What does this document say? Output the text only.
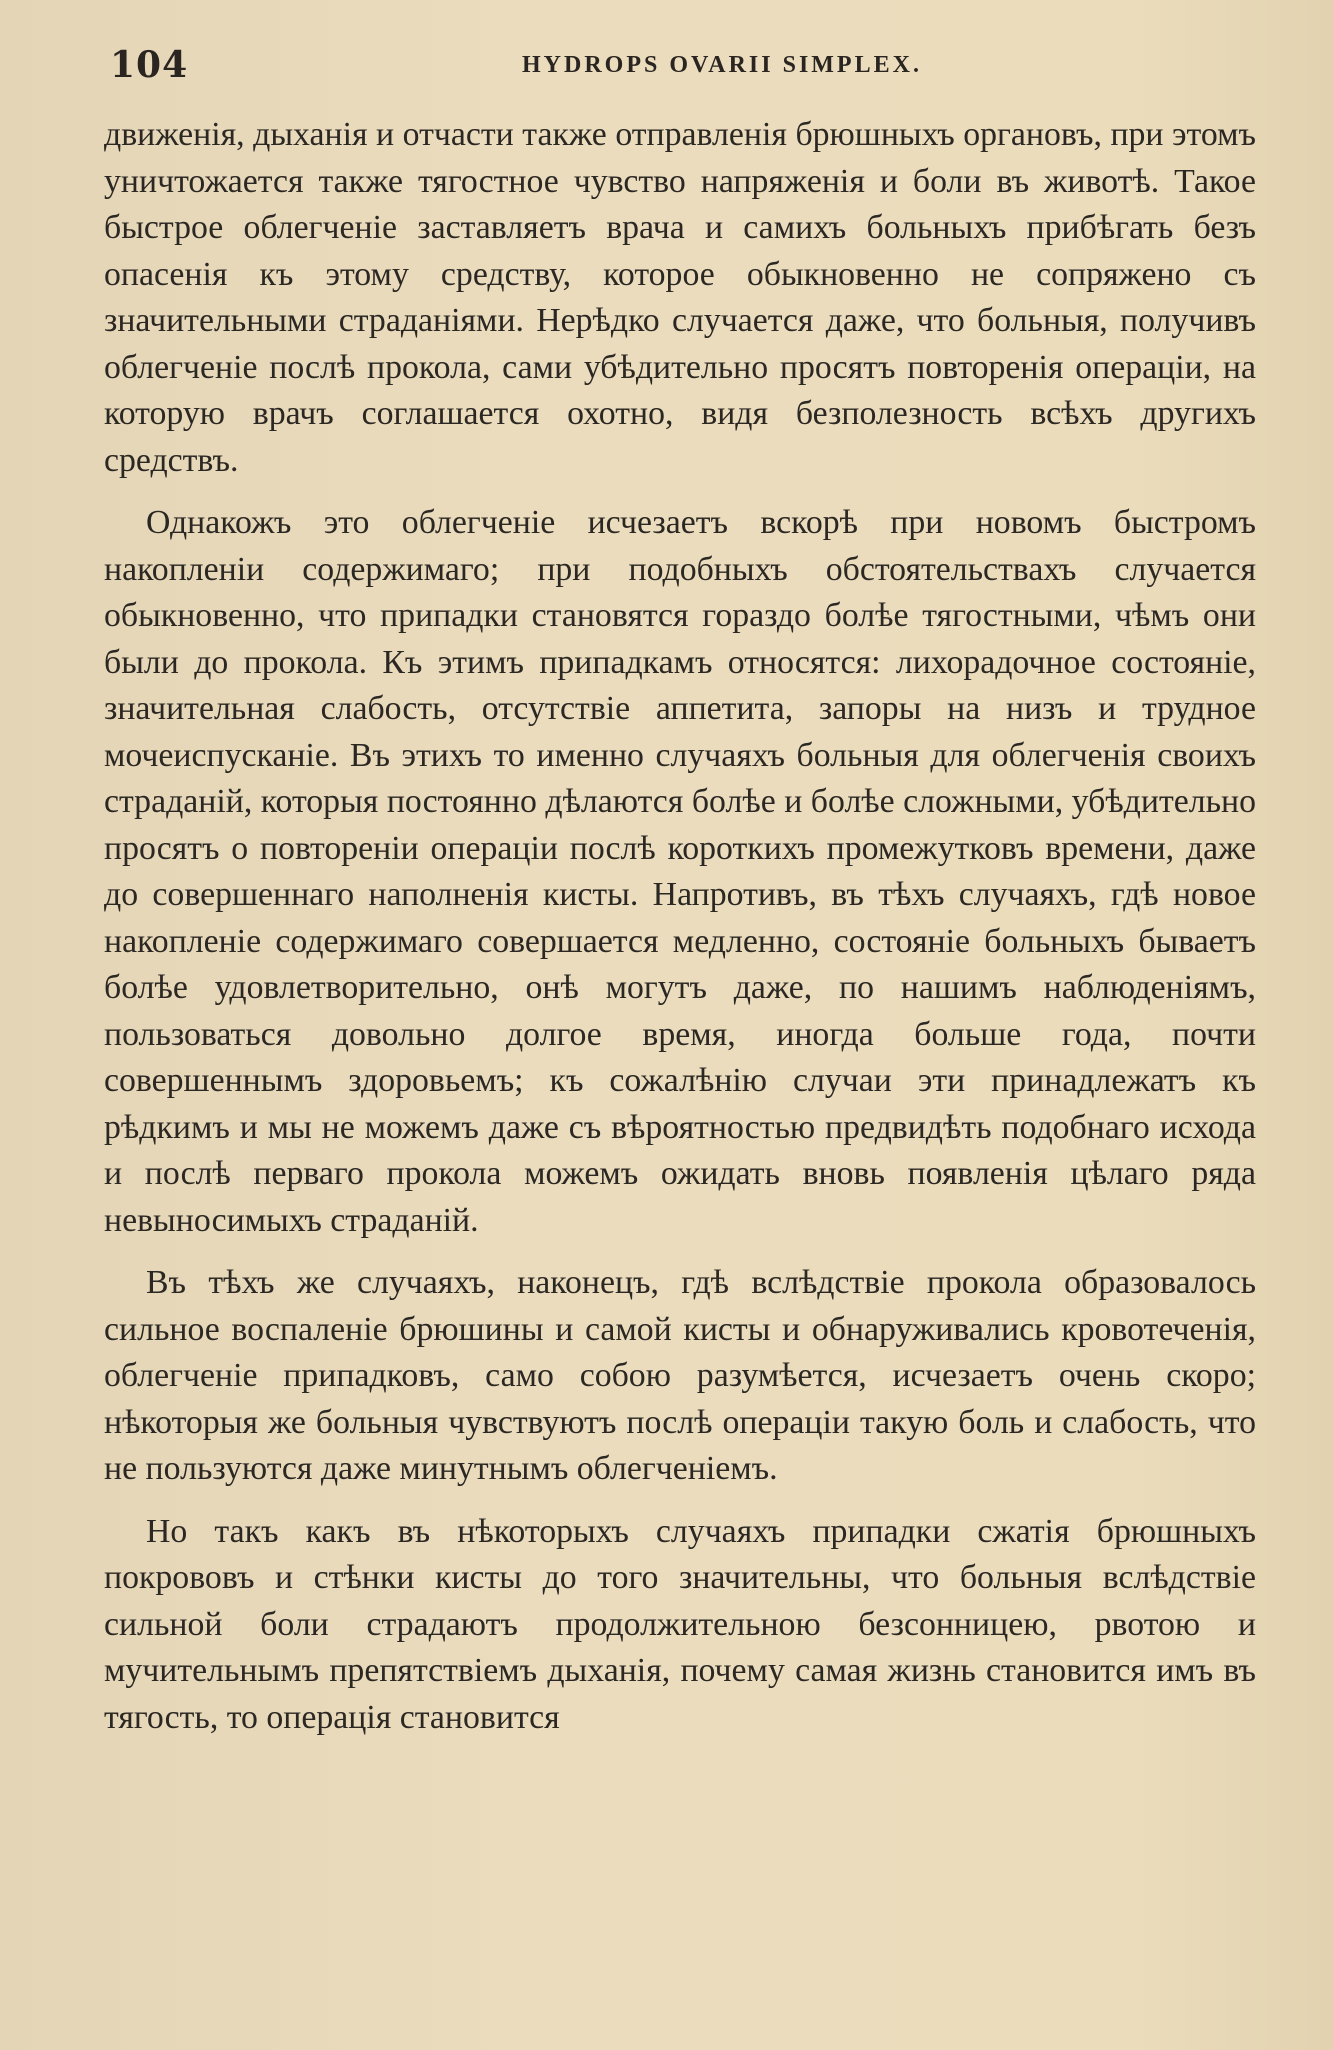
104	HYDROPS OVARII SIMPLEX.

движенія, дыханія и отчасти также отправленія брюшныхъ органовъ, при этомъ уничтожается также тягостное чувство напряженія и боли въ животѣ. Такое быстрое облегченіе заставляетъ врача и самихъ больныхъ прибѣгать безъ опасенія къ этому средству, которое обыкновенно не сопряжено съ значительными страданіями. Нерѣдко случается даже, что больныя, получивъ облегченіе послѣ прокола, сами убѣдительно просятъ повторенія операціи, на которую врачъ соглашается охотно, видя безполезность всѣхъ другихъ средствъ.

Однакожъ это облегченіе исчезаетъ вскорѣ при новомъ быстромъ накопленіи содержимаго; при подобныхъ обстоятельствахъ случается обыкновенно, что припадки становятся гораздо болѣе тягостными, чѣмъ они были до прокола. Къ этимъ припадкамъ относятся: лихорадочное состояніе, значительная слабость, отсутствіе аппетита, запоры на низъ и трудное мочеиспусканіе. Въ этихъ то именно случаяхъ больныя для облегченія своихъ страданій, которыя постоянно дѣлаются болѣе и болѣе сложными, убѣдительно просятъ о повтореніи операціи послѣ короткихъ промежутковъ времени, даже до совершеннаго наполненія кисты. Напротивъ, въ тѣхъ случаяхъ, гдѣ новое накопленіе содержимаго совершается медленно, состояніе больныхъ бываетъ болѣе удовлетворительно, онѣ могутъ даже, по нашимъ наблюденіямъ, пользоваться довольно долгое время, иногда больше года, почти совершеннымъ здоровьемъ; къ сожалѣнію случаи эти принадлежатъ къ рѣдкимъ и мы не можемъ даже съ вѣроятностью предвидѣть подобнаго исхода и послѣ перваго прокола можемъ ожидать вновь появленія цѣлаго ряда невыносимыхъ страданій.

Въ тѣхъ же случаяхъ, наконецъ, гдѣ вслѣдствіе прокола образовалось сильное воспаленіе брюшины и самой кисты и обнаруживались кровотеченія, облегченіе припадковъ, само собою разумѣется, исчезаетъ очень скоро; нѣкоторыя же больныя чувствуютъ послѣ операціи такую боль и слабость, что не пользуются даже минутнымъ облегченіемъ.

Но такъ какъ въ нѣкоторыхъ случаяхъ припадки сжатія брюшныхъ покрововъ и стѣнки кисты до того значительны, что больныя вслѣдствіе сильной боли страдаютъ продолжительною безсонницею, рвотою и мучительнымъ препятствіемъ дыханія, почему самая жизнь становится имъ въ тягость, то операція становится
